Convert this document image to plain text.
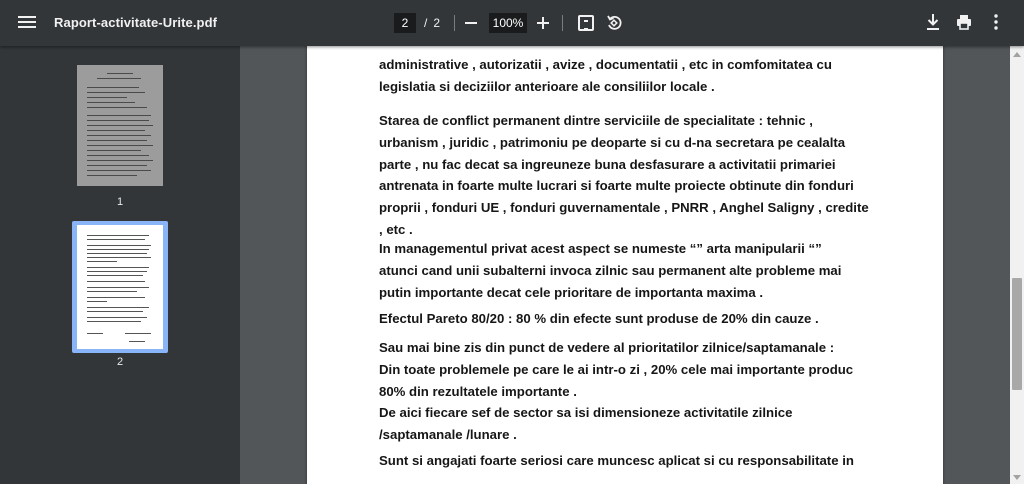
Raport-activitate-Urite.pdf	2	/ 2	100%
1
2
administrative , autorizatii , avize , documentatii , etc in comfomitatea cu
legislatia si deciziilor anterioare ale consiliilor locale .
Starea de conflict permanent dintre serviciile de specialitate : tehnic ,
urbanism , juridic , patrimoniu pe deoparte si cu d-na secretara pe cealalta
parte , nu fac decat sa ingreuneze buna desfasurare a activitatii primariei
antrenata in foarte multe lucrari si foarte multe proiecte obtinute din fonduri
proprii , fonduri UE , fonduri guvernamentale , PNRR , Anghel Saligny , credite
, etc .
In managementul privat acest aspect se numeste “” arta manipularii “”
atunci cand unii subalterni invoca zilnic sau permanent alte probleme mai
putin importante decat cele prioritare de importanta maxima .
Efectul Pareto 80/20 : 80 % din efecte sunt produse de 20% din cauze .
Sau mai bine zis din punct de vedere al prioritatilor zilnice/saptamanale :
Din toate problemele pe care le ai intr-o zi , 20% cele mai importante produc
80% din rezultatele importante .
De aici fiecare sef de sector sa isi dimensioneze activitatile zilnice
/saptamanale /lunare .
Sunt si angajati foarte seriosi care muncesc aplicat si cu responsabilitate in
